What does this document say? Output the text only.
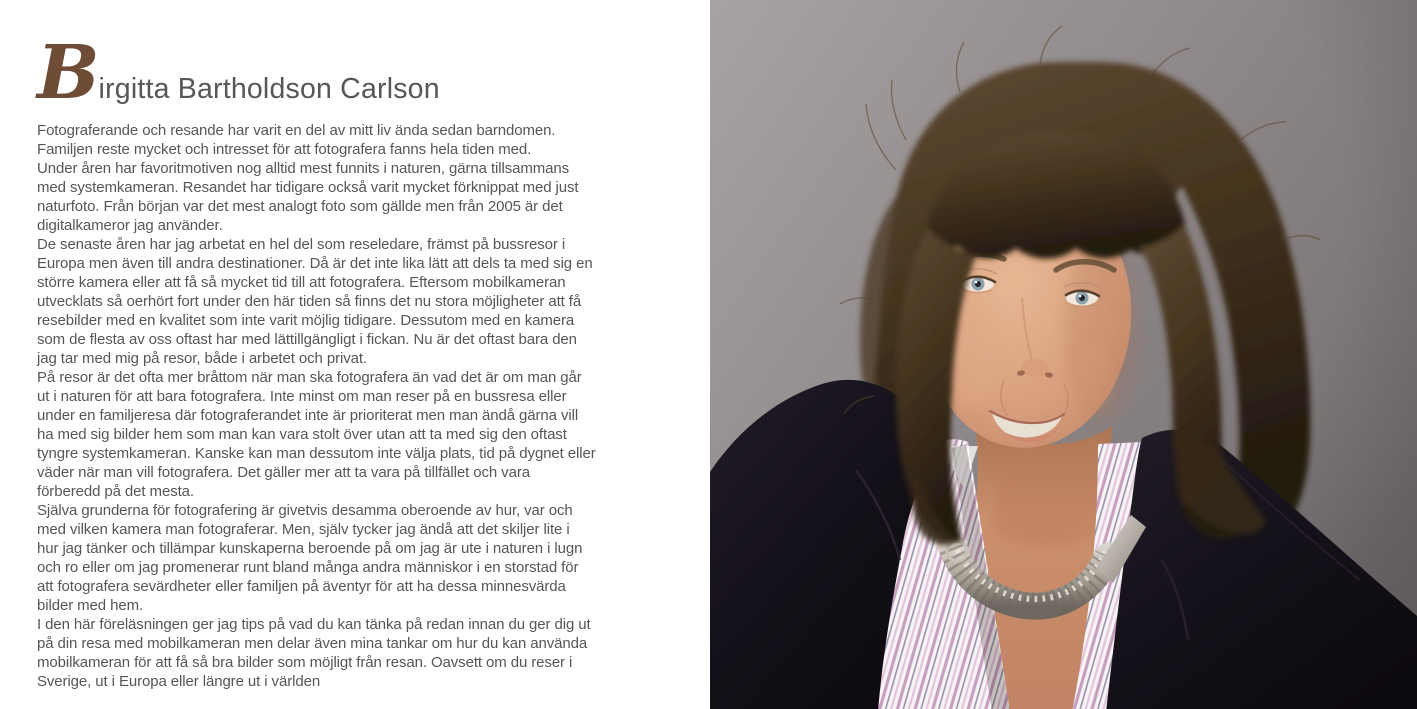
B irgitta Bartholdson Carlson
Fotograferande och resande har varit en del av mitt liv ända sedan barndomen.
Familjen reste mycket och intresset för att fotografera fanns hela tiden med.
Under åren har favoritmotiven nog alltid mest funnits i naturen, gärna tillsammans
med systemkameran. Resandet har tidigare också varit mycket förknippat med just
naturfoto. Från början var det mest analogt foto som gällde men från 2005 är det
digitalkameror jag använder.
De senaste åren har jag arbetat en hel del som reseledare, främst på bussresor i
Europa men även till andra destinationer. Då är det inte lika lätt att dels ta med sig en
större kamera eller att få så mycket tid till att fotografera. Eftersom mobilkameran
utvecklats så oerhört fort under den här tiden så finns det nu stora möjligheter att få
resebilder med en kvalitet som inte varit möjlig tidigare. Dessutom med en kamera
som de flesta av oss oftast har med lättillgängligt i fickan. Nu är det oftast bara den
jag tar med mig på resor, både i arbetet och privat.
På resor är det ofta mer bråttom när man ska fotografera än vad det är om man går
ut i naturen för att bara fotografera. Inte minst om man reser på en bussresa eller
under en familjeresa där fotograferandet inte är prioriterat men man ändå gärna vill
ha med sig bilder hem som man kan vara stolt över utan att ta med sig den oftast
tyngre systemkameran. Kanske kan man dessutom inte välja plats, tid på dygnet eller
väder när man vill fotografera. Det gäller mer att ta vara på tillfället och vara
förberedd på det mesta.
Själva grunderna för fotografering är givetvis desamma oberoende av hur, var och
med vilken kamera man fotograferar. Men, själv tycker jag ändå att det skiljer lite i
hur jag tänker och tillämpar kunskaperna beroende på om jag är ute i naturen i lugn
och ro eller om jag promenerar runt bland många andra människor i en storstad för
att fotografera sevärdheter eller familjen på äventyr för att ha dessa minnesvärda
bilder med hem.
I den här föreläsningen ger jag tips på vad du kan tänka på redan innan du ger dig ut
på din resa med mobilkameran men delar även mina tankar om hur du kan använda
mobilkameran för att få så bra bilder som möjligt från resan. Oavsett om du reser i
Sverige, ut i Europa eller längre ut i världen
